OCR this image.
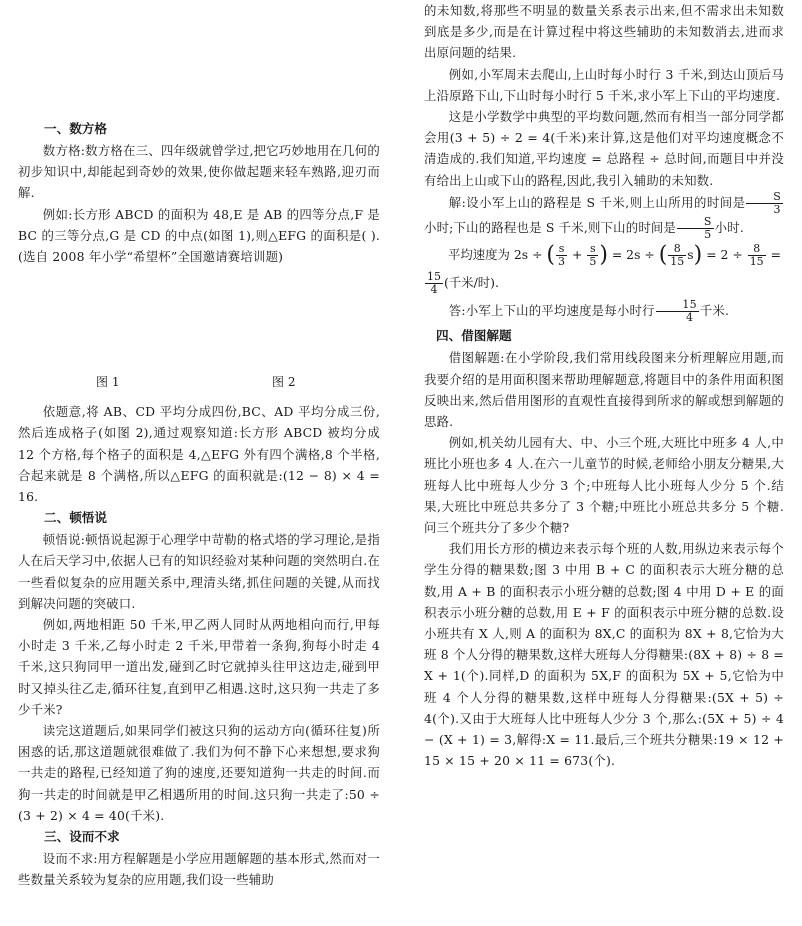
一、数方格

数方格:数方格在三、四年级就曾学过,把它巧妙地用在几何的初步知识中,却能起到奇妙的效果,使你做起题来轻车熟路,迎刃而解.

例如:长方形 ABCD 的面积为 48,E 是 AB 的四等分点,F 是 BC 的三等分点,G 是 CD 的中点(如图 1),则△EFG 的面积是( ).(选自 2008 年小学“希望杯”全国邀请赛培训题)

图 1	图 2

依题意,将 AB、CD 平均分成四份,BC、AD 平均分成三份,然后连成格子(如图 2),通过观察知道:长方形 ABCD 被均分成 12 个方格,每个格子的面积是 4,△EFG 外有四个满格,8 个半格,合起来就是 8 个满格,所以△EFG 的面积就是:(12 − 8) × 4 = 16.

二、顿悟说

顿悟说:顿悟说起源于心理学中苛勒的格式塔的学习理论,是指人在后天学习中,依据人已有的知识经验对某种问题的突然明白.在一些看似复杂的应用题关系中,理清头绪,抓住问题的关键,从而找到解决问题的突破口.

例如,两地相距 50 千米,甲乙两人同时从两地相向而行,甲每小时走 3 千米,乙每小时走 2 千米,甲带着一条狗,狗每小时走 4 千米,这只狗同甲一道出发,碰到乙时它就掉头往甲这边走,碰到甲时又掉头往乙走,循环往复,直到甲乙相遇.这时,这只狗一共走了多少千米?

读完这道题后,如果同学们被这只狗的运动方向(循环往复)所困惑的话,那这道题就很难做了.我们为何不静下心来想想,要求狗一共走的路程,已经知道了狗的速度,还要知道狗一共走的时间.而狗一共走的时间就是甲乙相遇所用的时间.这只狗一共走了:50 ÷ (3 + 2) × 4 = 40(千米).

三、设而不求

设而不求:用方程解题是小学应用题解题的基本形式,然而对一些数量关系较为复杂的应用题,我们设一些辅助

的未知数,将那些不明显的数量关系表示出来,但不需求出未知数到底是多少,而是在计算过程中将这些辅助的未知数消去,进而求出原问题的结果.

例如,小军周末去爬山,上山时每小时行 3 千米,到达山顶后马上沿原路下山,下山时每小时行 5 千米,求小军上下山的平均速度.

这是小学数学中典型的平均数问题,然而有相当一部分同学都会用(3 + 5) ÷ 2 = 4(千米)来计算,这是他们对平均速度概念不清造成的.我们知道,平均速度 = 总路程 ÷ 总时间,而题目中并没有给出上山或下山的路程,因此,我引入辅助的未知数.

解:设小军上山的路程是 S 千米,则上山所用的时间是 $\frac{S}{3}$
小时;下山的路程也是 S 千米,则下山的时间是 $\frac{S}{5}$ 小时.

平均速度为 2s ÷ ( $\frac{s}{3} + \frac{s}{5}$ ) = 2s ÷ ( $\frac{8}{15} s) = 2 \div \frac{8}{15}$ =
$\frac{15}{4}$ (千米/时).

答:小军上下山的平均速度是每小时行 $\frac{15}{4}$ 千米.

四、借图解题

借图解题:在小学阶段,我们常用线段图来分析理解应用题,而我要介绍的是用面积图来帮助理解题意,将题目中的条件用面积图反映出来,然后借用图形的直观性直接得到所求的解或想到解题的思路.

例如,机关幼儿园有大、中、小三个班,大班比中班多 4 人,中班比小班也多 4 人.在六一儿童节的时候,老师给小朋友分糖果,大班每人比中班每人少分 3 个;中班每人比小班每人少分 5 个.结果,大班比中班总共多分了 3 个糖;中班比小班总共多分 5 个糖.问三个班共分了多少个糖?

我们用长方形的横边来表示每个班的人数,用纵边来表示每个学生分得的糖果数;图 3 中用 B + C 的面积表示大班分糖的总数,用 A + B 的面积表示小班分糖的总数;图 4 中用 D + E 的面积表示小班分糖的总数,用 E + F 的面积表示中班分糖的总数.设小班共有 X 人,则 A 的面积为 8X,C 的面积为 8X + 8,它恰为大班 8 个人分得的糖果数,这样大班每人分得糖果:(8X + 8) ÷ 8 = X + 1(个).同样,D 的面积为 5X,F 的面积为 5X + 5,它恰为中班 4 个人分得的糖果数,这样中班每人分得糖果:(5X + 5) ÷ 4(个).又由于大班每人比中班每人少分 3 个,那么:(5X + 5) ÷ 4 − (X + 1) = 3,解得:X = 11.最后,三个班共分糖果:19 × 12 + 15 × 15 + 20 × 11 = 673(个).
